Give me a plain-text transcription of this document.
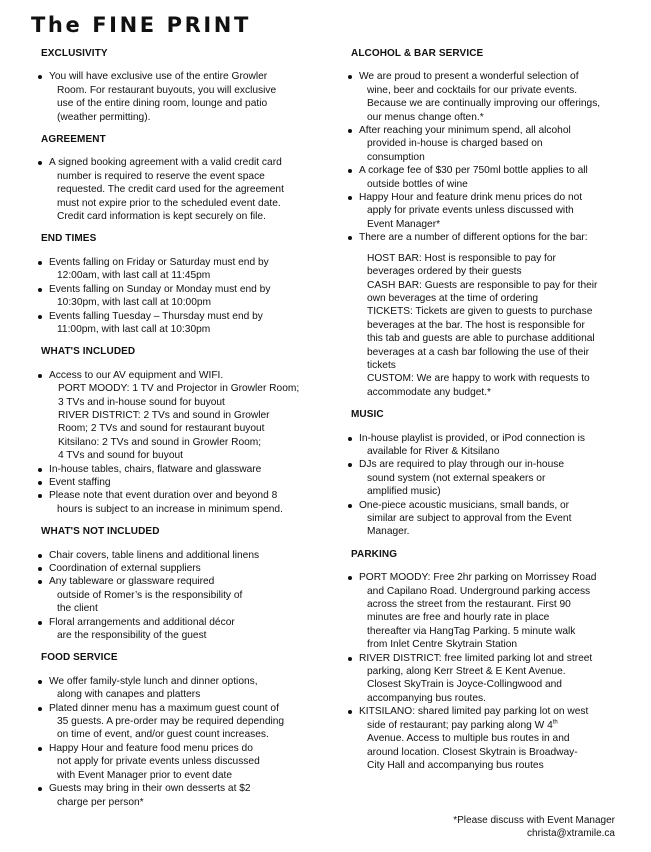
The FINE PRINT
EXCLUSIVITY
You will have exclusive use of the entire Growler
Room. For restaurant buyouts, you will exclusive
use of the entire dining room, lounge and patio
(weather permitting).
AGREEMENT
A signed booking agreement with a valid credit card
number is required to reserve the event space
requested. The credit card used for the agreement
must not expire prior to the scheduled event date.
Credit card information is kept securely on file.
END TIMES
Events falling on Friday or Saturday must end by
12:00am, with last call at 11:45pm
Events falling on Sunday or Monday must end by
10:30pm, with last call at 10:00pm
Events falling Tuesday – Thursday must end by
11:00pm, with last call at 10:30pm
WHAT'S INCLUDED
Access to our AV equipment and WIFI.
PORT MOODY: 1 TV and Projector in Growler Room;
3 TVs and in-house sound for buyout
RIVER DISTRICT: 2 TVs and sound in Growler
Room; 2 TVs and sound for restaurant buyout
Kitsilano: 2 TVs and sound in Growler Room;
4 TVs and sound for buyout
In-house tables, chairs, flatware and glassware
Event staffing
Please note that event duration over and beyond 8
hours is subject to an increase in minimum spend.
WHAT'S NOT INCLUDED
Chair covers, table linens and additional linens
Coordination of external suppliers
Any tableware or glassware required
outside of Romer’s is the responsibility of
the client
Floral arrangements and additional décor
are the responsibility of the guest
FOOD SERVICE
We offer family-style lunch and dinner options,
along with canapes and platters
Plated dinner menu has a maximum guest count of
35 guests. A pre-order may be required depending
on time of event, and/or guest count increases.
Happy Hour and feature food menu prices do
not apply for private events unless discussed
with Event Manager prior to event date
Guests may bring in their own desserts at $2
charge per person*
ALCOHOL & BAR SERVICE
We are proud to present a wonderful selection of
wine, beer and cocktails for our private events.
Because we are continually improving our offerings,
our menus change often.*
After reaching your minimum spend, all alcohol
provided in-house is charged based on
consumption
A corkage fee of $30 per 750ml bottle applies to all
outside bottles of wine
Happy Hour and feature drink menu prices do not
apply for private events unless discussed with
Event Manager*
There are a number of different options for the bar:
HOST BAR: Host is responsible to pay for
beverages ordered by their guests
CASH BAR: Guests are responsible to pay for their
own beverages at the time of ordering
TICKETS: Tickets are given to guests to purchase
beverages at the bar. The host is responsible for
this tab and guests are able to purchase additional
beverages at a cash bar following the use of their
tickets
CUSTOM: We are happy to work with requests to
accommodate any budget.*
MUSIC
In-house playlist is provided, or iPod connection is
available for River & Kitsilano
DJs are required to play through our in-house
sound system (not external speakers or
amplified music)
One-piece acoustic musicians, small bands, or
similar are subject to approval from the Event
Manager.
PARKING
PORT MOODY: Free 2hr parking on Morrissey Road
and Capilano Road. Underground parking access
across the street from the restaurant. First 90
minutes are free and hourly rate in place
thereafter via HangTag Parking. 5 minute walk
from Inlet Centre Skytrain Station
RIVER DISTRICT: free limited parking lot and street
parking, along Kerr Street & E Kent Avenue.
Closest SkyTrain is Joyce-Collingwood and
accompanying bus routes.
KITSILANO: shared limited pay parking lot on west
side of restaurant; pay parking along W 4th
Avenue. Access to multiple bus routes in and
around location. Closest Skytrain is Broadway-
City Hall and accompanying bus routes
*Please discuss with Event Manager
christa@xtramile.ca
